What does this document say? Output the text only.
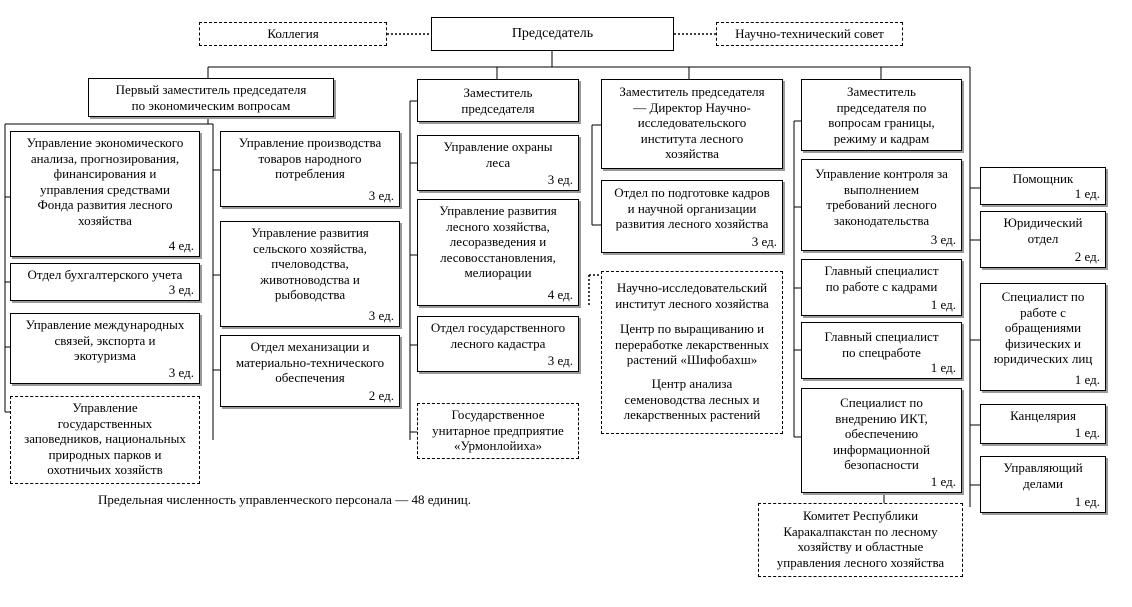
Коллегия	Председатель	Научно-технический совет
Первый заместитель председателя
по экономическим вопросам
Заместитель
председателя
Заместитель председателя
— Директор Научно-
исследовательского
института лесного
хозяйства
Заместитель
председателя по
вопросам границы,
режиму и кадрам
Управление экономического
анализа, прогнозирования,
финансирования и
управления средствами
Фонда развития лесного
хозяйства
4 ед.
Отдел бухгалтерского учета
3 ед.
Управление международных
связей, экспорта и
экотуризма
3 ед.
Управление
государственных
заповедников, национальных
природных парков и
охотничьих хозяйств
Управление производства
товаров народного
потребления
3 ед.
Управление развития
сельского хозяйства,
пчеловодства,
животноводства и
рыбоводства
3 ед.
Отдел механизации и
материально-технического
обеспечения
2 ед.
Управление охраны
леса
3 ед.
Управление развития
лесного хозяйства,
лесоразведения и
лесовосстановления,
мелиорации
4 ед.
Отдел государственного
лесного кадастра
3 ед.
Государственное
унитарное предприятие
«Урмонлойиха»
Отдел по подготовке кадров
и научной организации
развития лесного хозяйства
3 ед.
Научно-исследовательский
институт лесного хозяйства
Центр по выращиванию и
переработке лекарственных
растений «Шифобахш»
Центр анализа
семеноводства лесных и
лекарственных растений
Управление контроля за
выполнением
требований лесного
законодательства
3 ед.
Главный специалист
по работе с кадрами
1 ед.
Главный специалист
по спецработе
1 ед.
Специалист по
внедрению ИКТ,
обеспечению
информационной
безопасности
1 ед.
Комитет Республики
Каракалпакстан по лесному
хозяйству и областные
управления лесного хозяйства
Помощник
1 ед.
Юридический
отдел
2 ед.
Специалист по
работе с
обращениями
физических и
юридических лиц
1 ед.
Канцелярия
1 ед.
Управляющий
делами
1 ед.
Предельная численность управленческого персонала — 48 единиц.
